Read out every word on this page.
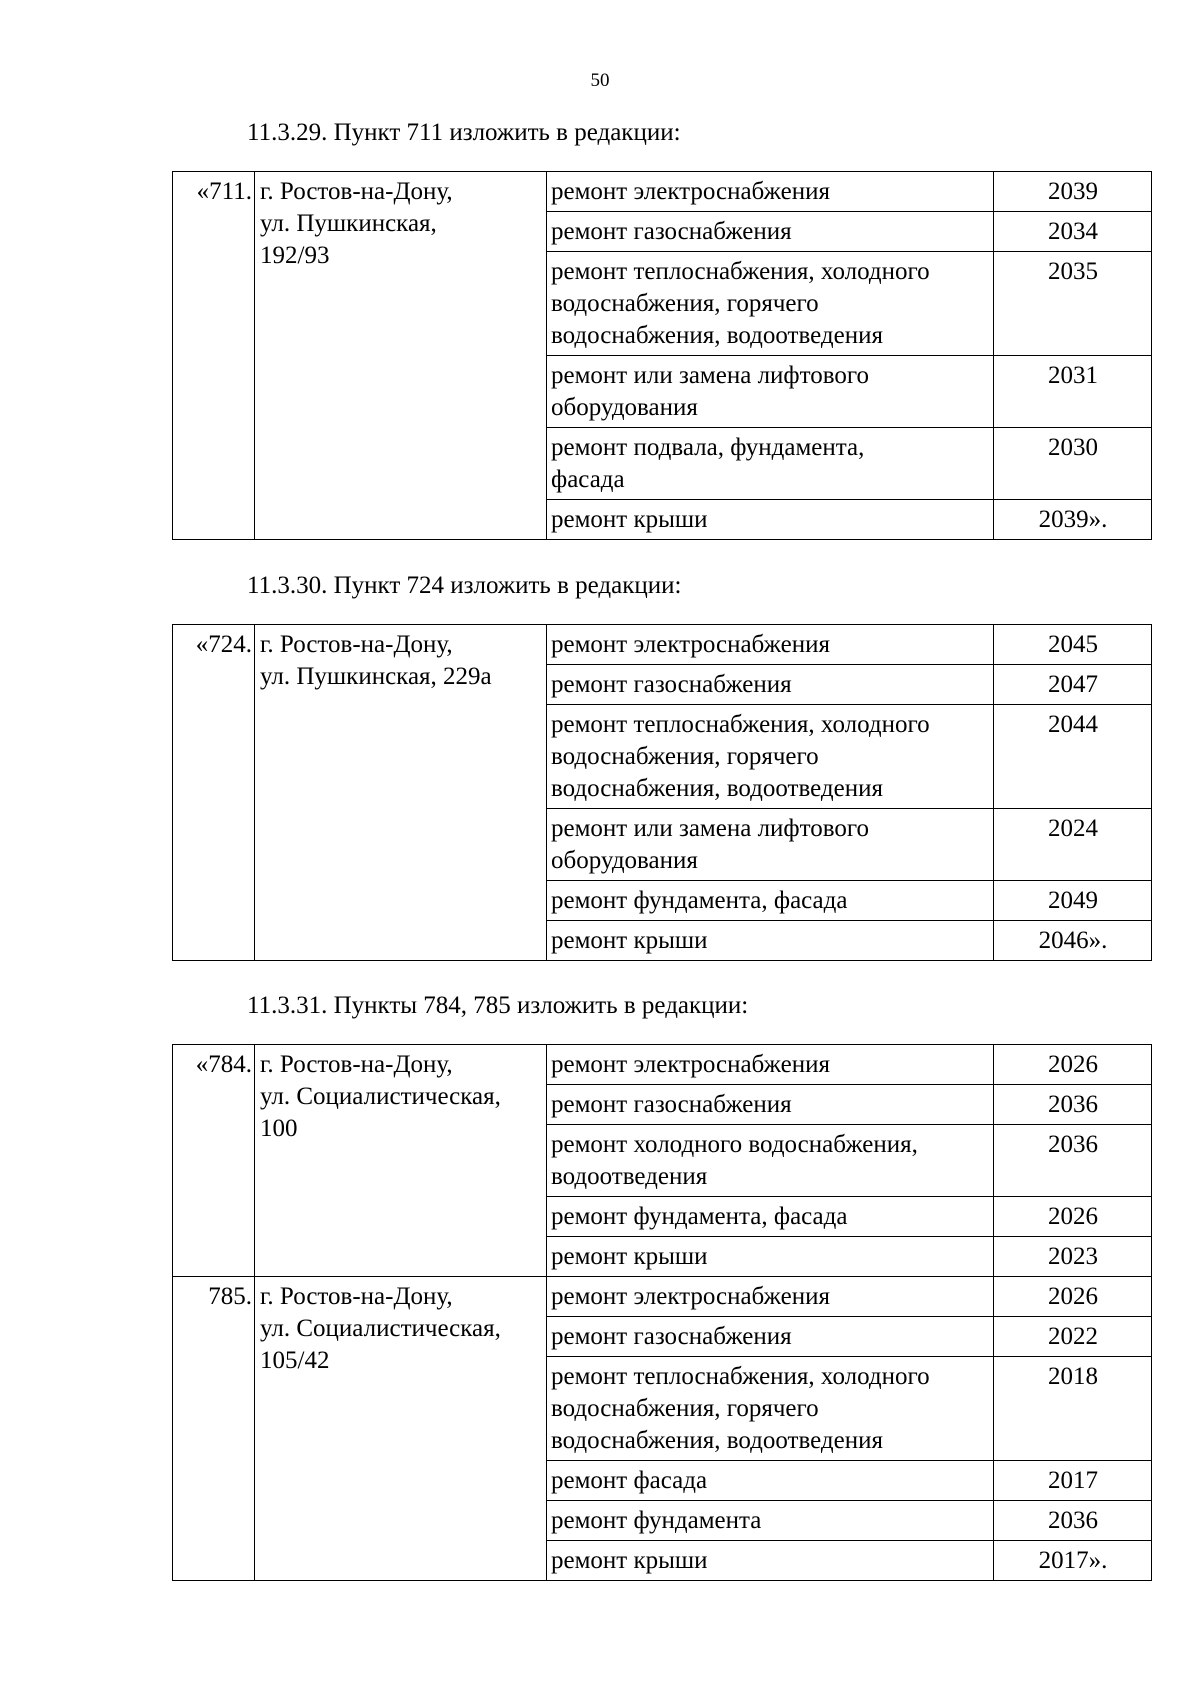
50
11.3.29. Пункт 711 изложить в редакции:
«711.	г. Ростов-на-Дону,
ул. Пушкинская,
192/93	ремонт электроснабжения	2039
		ремонт газоснабжения	2034
		ремонт теплоснабжения, холодного
водоснабжения, горячего
водоснабжения, водоотведения	2035
		ремонт или замена лифтового
оборудования	2031
		ремонт подвала, фундамента,
фасада	2030
		ремонт крыши	2039».
11.3.30. Пункт 724 изложить в редакции:
«724.	г. Ростов-на-Дону,
ул. Пушкинская, 229а	ремонт электроснабжения	2045
		ремонт газоснабжения	2047
		ремонт теплоснабжения, холодного
водоснабжения, горячего
водоснабжения, водоотведения	2044
		ремонт или замена лифтового
оборудования	2024
		ремонт фундамента, фасада	2049
		ремонт крыши	2046».
11.3.31. Пункты 784, 785 изложить в редакции:
«784.	г. Ростов-на-Дону,
ул. Социалистическая,
100	ремонт электроснабжения	2026
		ремонт газоснабжения	2036
		ремонт холодного водоснабжения,
водоотведения	2036
		ремонт фундамента, фасада	2026
		ремонт крыши	2023
785.	г. Ростов-на-Дону,
ул. Социалистическая,
105/42	ремонт электроснабжения	2026
		ремонт газоснабжения	2022
		ремонт теплоснабжения, холодного
водоснабжения, горячего
водоснабжения, водоотведения	2018
		ремонт фасада	2017
		ремонт фундамента	2036
		ремонт крыши	2017».
